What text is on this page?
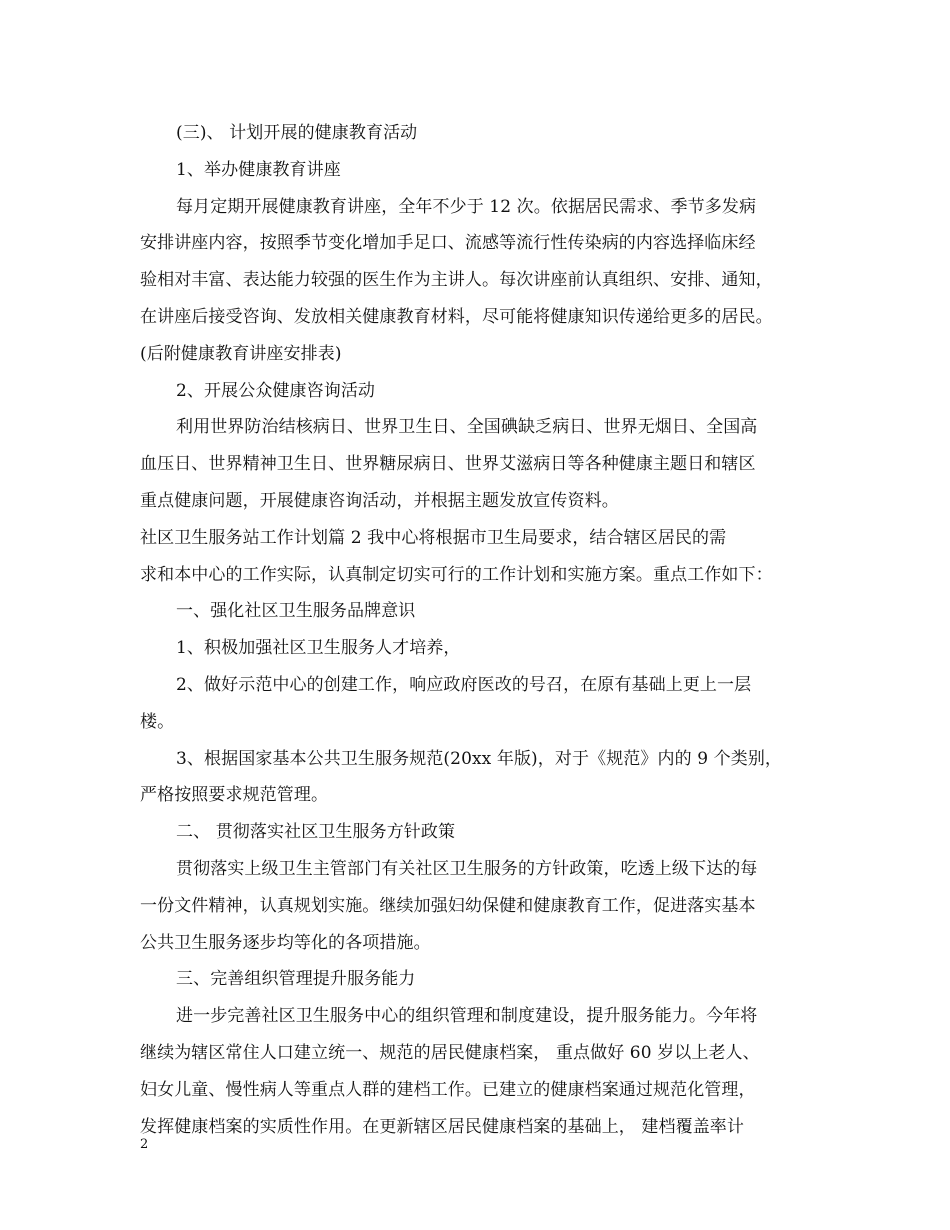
(三)、 计划开展的健康教育活动
1、举办健康教育讲座
每月定期开展健康教育讲座，全年不少于 12 次。依据居民需求、季节多发病
安排讲座内容，按照季节变化增加手足口、流感等流行性传染病的内容选择临床经
验相对丰富、表达能力较强的医生作为主讲人。每次讲座前认真组织、安排、通知，
在讲座后接受咨询、发放相关健康教育材料，尽可能将健康知识传递给更多的居民。
(后附健康教育讲座安排表)
2、开展公众健康咨询活动
利用世界防治结核病日、世界卫生日、全国碘缺乏病日、世界无烟日、全国高
血压日、世界精神卫生日、世界糖尿病日、世界艾滋病日等各种健康主题日和辖区
重点健康问题，开展健康咨询活动，并根据主题发放宣传资料。
社区卫生服务站工作计划篇 2 我中心将根据市卫生局要求，结合辖区居民的需
求和本中心的工作实际，认真制定切实可行的工作计划和实施方案。重点工作如下：
一、强化社区卫生服务品牌意识
1、积极加强社区卫生服务人才培养，
2、做好示范中心的创建工作，响应政府医改的号召，在原有基础上更上一层
楼。
3、根据国家基本公共卫生服务规范(20xx 年版)，对于《规范》内的 9 个类别，
严格按照要求规范管理。
二、 贯彻落实社区卫生服务方针政策
贯彻落实上级卫生主管部门有关社区卫生服务的方针政策，吃透上级下达的每
一份文件精神，认真规划实施。继续加强妇幼保健和健康教育工作，促进落实基本
公共卫生服务逐步均等化的各项措施。
三、完善组织管理提升服务能力
进一步完善社区卫生服务中心的组织管理和制度建设，提升服务能力。今年将
继续为辖区常住人口建立统一、规范的居民健康档案， 重点做好 60 岁以上老人、
妇女儿童、慢性病人等重点人群的建档工作。已建立的健康档案通过规范化管理，
发挥健康档案的实质性作用。在更新辖区居民健康档案的基础上， 建档覆盖率计
2
